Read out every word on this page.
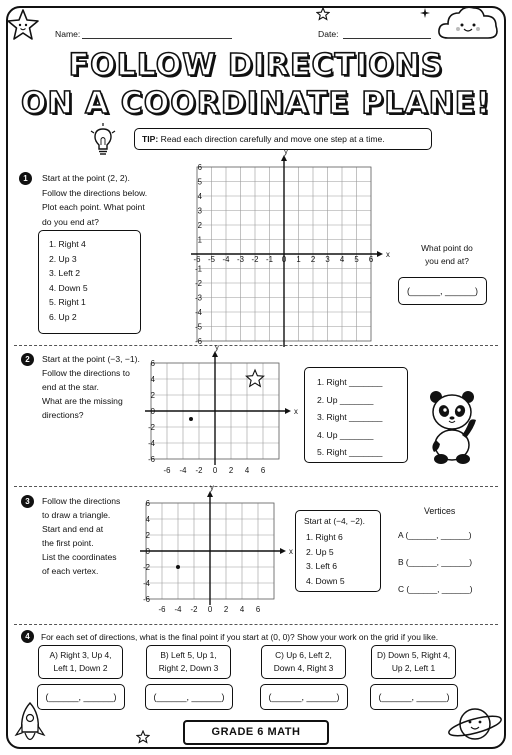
Name:	Date:
FOLLOW DIRECTIONS
ON A COORDINATE PLANE!
TIP: Read each direction carefully and move one step at a time.
1	Start at the point (2, 2).
Follow the directions below.
Plot each point. What point
do you end at?
1. Right 4
2. Up 3
3. Left 2
4. Down 5
5. Right 1
6. Up 2
x
y
-6 -5 -4 -3 -2 -1 0 1 2 3 4 5 6
6
5
4
3
2
1
-1
-2
-3
-4
-5
-6
What point do
you end at?
(______, ______)
2	Start at the point (−3, −1).
Follow the directions to
end at the star.
What are the missing
directions?	x
y
-6 -4 -2 0 2 4 6
6
4
2
0
-2
-4
-6
1. Right _______
2. Up _______
3. Right _______
4. Up _______
5. Right _______
3	Follow the directions
to draw a triangle.
Start and end at
the first point.
List the coordinates
of each vertex.
x
y
-6 -4 -2 0 2 4 6
6
4
2
0
-2
-4
-6
Start at (−4, −2).
1. Right 6
2. Up 5
3. Left 6
4. Down 5
Vertices
A (______, ______)
B (______, ______)
C (______, ______)
4	For each set of directions, what is the final point if you start at (0, 0)? Show your work on the grid if you like.
A) Right 3, Up 4,
Left 1, Down 2
B) Left 5, Up 1,
Right 2, Down 3
C) Up 6, Left 2,
Down 4, Right 3
D) Down 5, Right 4,
Up 2, Left 1
(______, ______)	(______, ______)	(______, ______)	(______, ______)
GRADE 6 MATH
